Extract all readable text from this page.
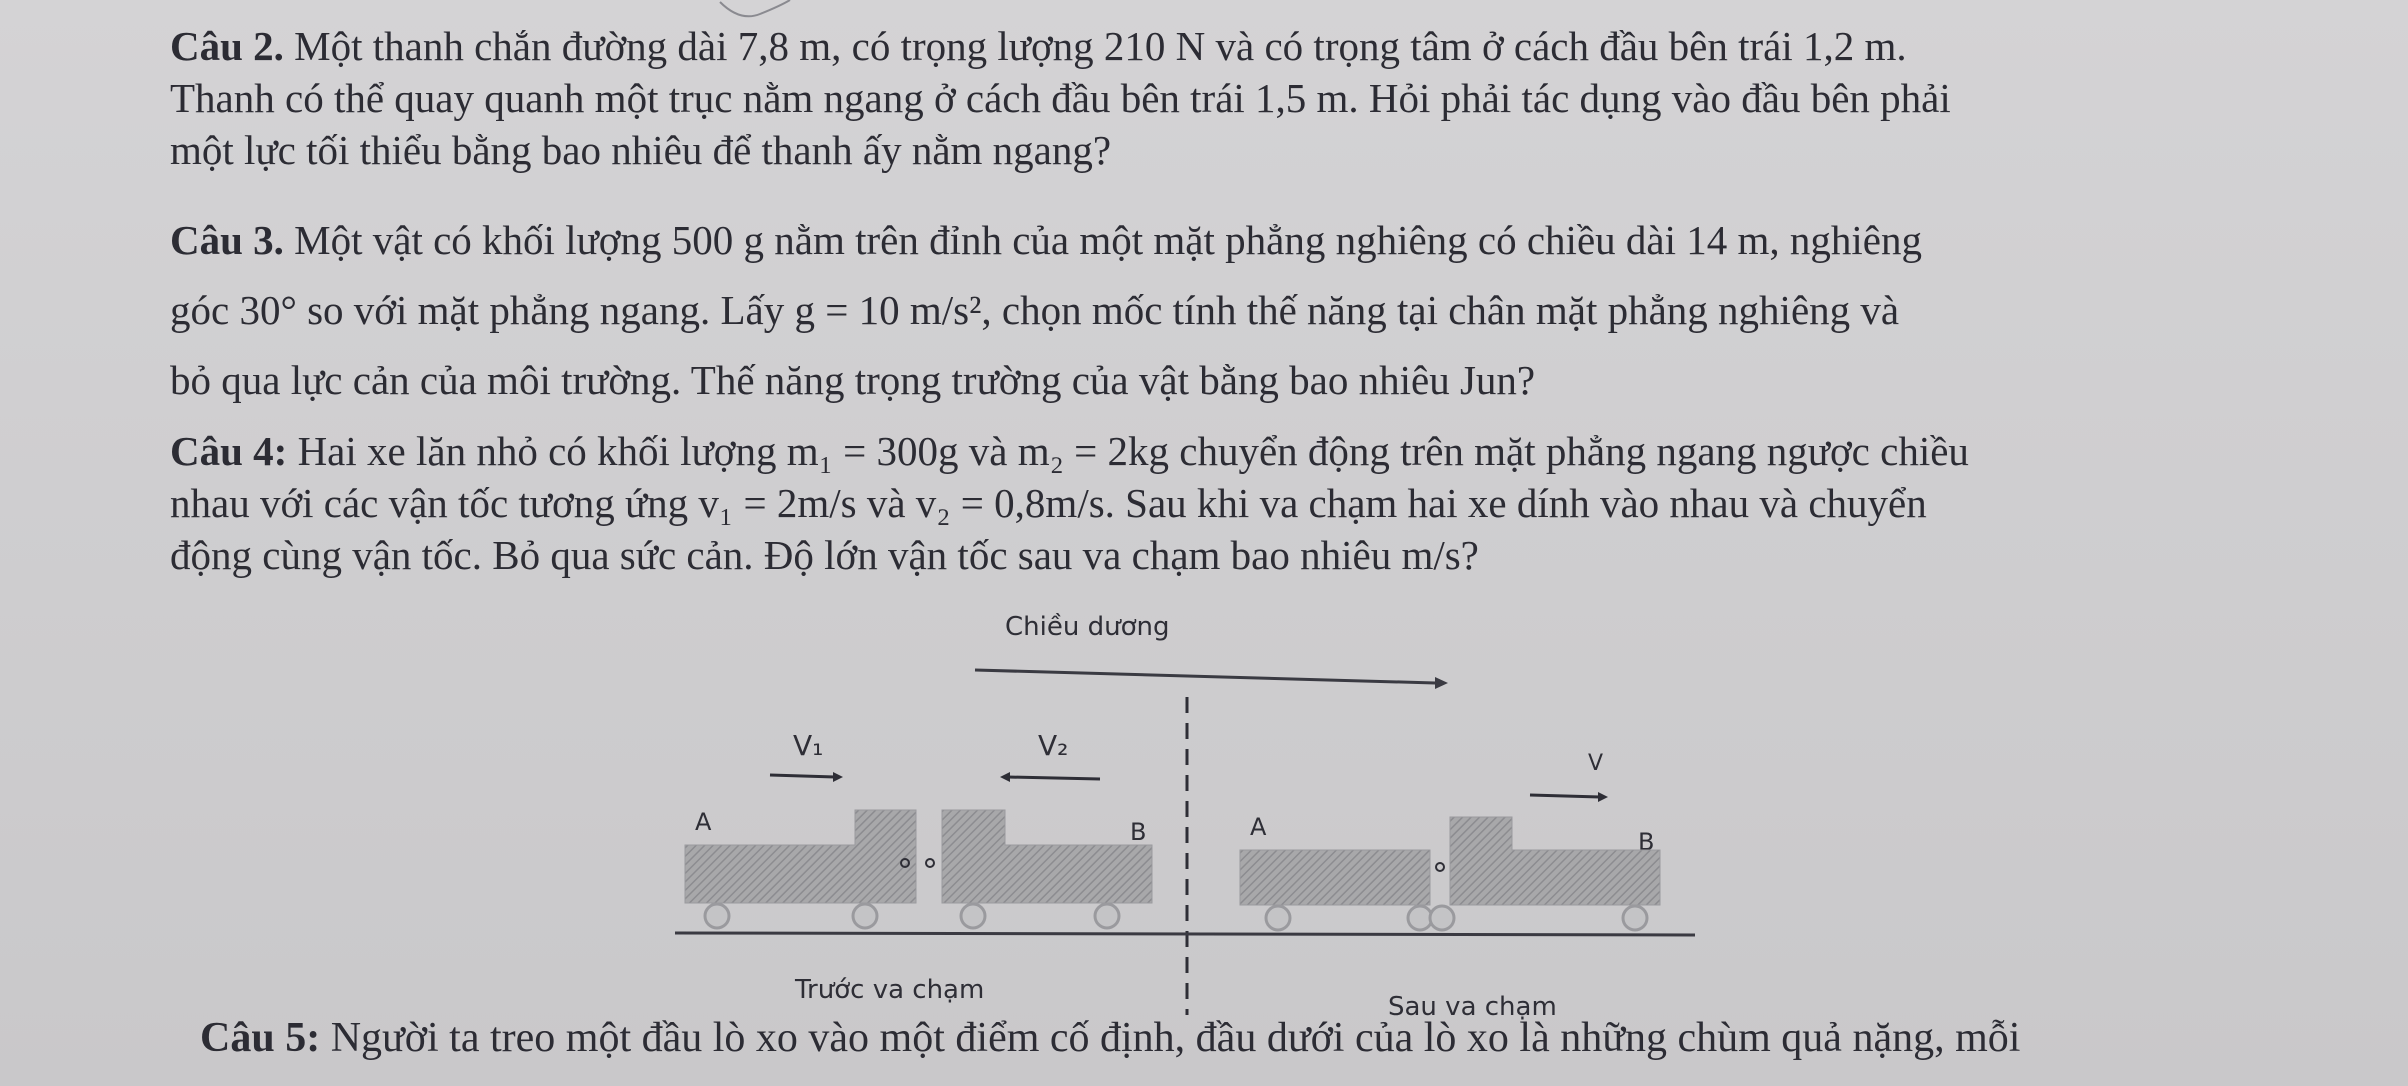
Câu 2. Một thanh chắn đường dài 7,8 m, có trọng lượng 210 N và có trọng tâm ở cách đầu bên trái 1,2 m.
Thanh có thể quay quanh một trục nằm ngang ở cách đầu bên trái 1,5 m. Hỏi phải tác dụng vào đầu bên phải
một lực tối thiểu bằng bao nhiêu để thanh ấy nằm ngang?
Câu 3. Một vật có khối lượng 500 g nằm trên đỉnh của một mặt phẳng nghiêng có chiều dài 14 m, nghiêng
góc 30° so với mặt phẳng ngang. Lấy g = 10 m/s², chọn mốc tính thế năng tại chân mặt phẳng nghiêng và
bỏ qua lực cản của môi trường. Thế năng trọng trường của vật bằng bao nhiêu Jun?
Câu 4: Hai xe lăn nhỏ có khối lượng m₁ = 300g và m₂ = 2kg chuyển động trên mặt phẳng ngang ngược chiều
nhau với các vận tốc tương ứng v₁ = 2m/s và v₂ = 0,8m/s. Sau khi va chạm hai xe dính vào nhau và chuyển
động cùng vận tốc. Bỏ qua sức cản. Độ lớn vận tốc sau va chạm bao nhiêu m/s?
Chiều dương
V₁	V₂
V
A	B	A
B
Trước va chạm
Sau va chạm
Câu 5: Người ta treo một đầu lò xo vào một điểm cố định, đầu dưới của lò xo là những chùm quả nặng, mỗi
